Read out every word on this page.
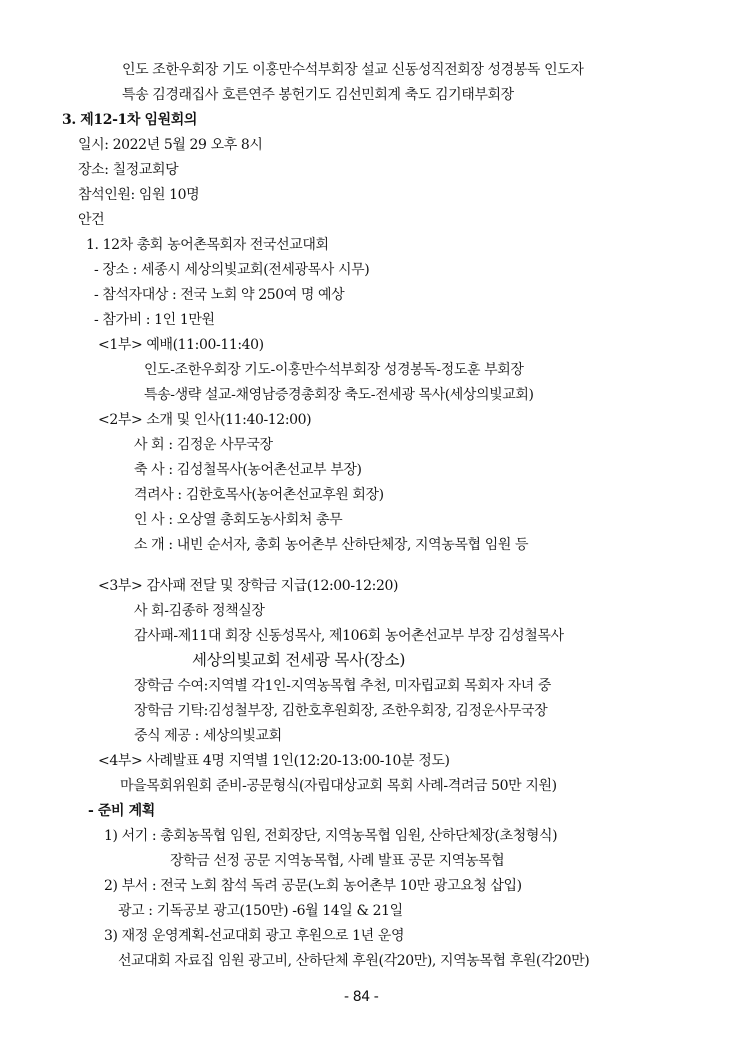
인도 조한우회장 기도 이홍만수석부회장 설교 신동성직전회장 성경봉독 인도자
특송 김경래집사 호른연주 봉헌기도 김선민회계 축도 김기태부회장
3. 제12-1차 임원회의
일시: 2022년 5월 29 오후 8시
장소: 칠정교회당
참석인원: 임원 10명
안건
1. 12차 총회 농어촌목회자 전국선교대회
- 장소 : 세종시 세상의빛교회(전세광목사 시무)
- 참석자대상 : 전국 노회 약 250여 명 예상
- 참가비 : 1인 1만원
<1부> 예배(11:00-11:40)
인도-조한우회장 기도-이홍만수석부회장 성경봉독-정도훈 부회장
특송-생략 설교-채영남증경총회장 축도-전세광 목사(세상의빛교회)
<2부> 소개 및 인사(11:40-12:00)
사 회 : 김정운 사무국장
축 사 : 김성철목사(농어촌선교부 부장)
격려사 : 김한호목사(농어촌선교후원 회장)
인 사 : 오상열 총회도농사회처 총무
소 개 : 내빈 순서자, 총회 농어촌부 산하단체장, 지역농목협 임원 등
<3부> 감사패 전달 및 장학금 지급(12:00-12:20)
사 회-김종하 정책실장
감사패-제11대 회장 신동성목사, 제106회 농어촌선교부 부장 김성철목사
세상의빛교회 전세광 목사(장소)
장학금 수여:지역별 각1인-지역농목협 추천, 미자립교회 목회자 자녀 중
장학금 기탁:김성철부장, 김한호후원회장, 조한우회장, 김정운사무국장
중식 제공 : 세상의빛교회
<4부> 사례발표 4명 지역별 1인(12:20-13:00-10분 정도)
마을목회위원회 준비-공문형식(자립대상교회 목회 사례-격려금 50만 지원)
- 준비 계획
1) 서기 : 총회농목협 임원, 전회장단, 지역농목협 임원, 산하단체장(초청형식)
장학금 선정 공문 지역농목협, 사례 발표 공문 지역농목협
2) 부서 : 전국 노회 참석 독려 공문(노회 농어촌부 10만 광고요청 삽입)
광고 : 기독공보 광고(150만) -6월 14일 & 21일
3) 재정 운영계획-선교대회 광고 후원으로 1년 운영
선교대회 자료집 임원 광고비, 산하단체 후원(각20만), 지역농목협 후원(각20만)
- 84 -
